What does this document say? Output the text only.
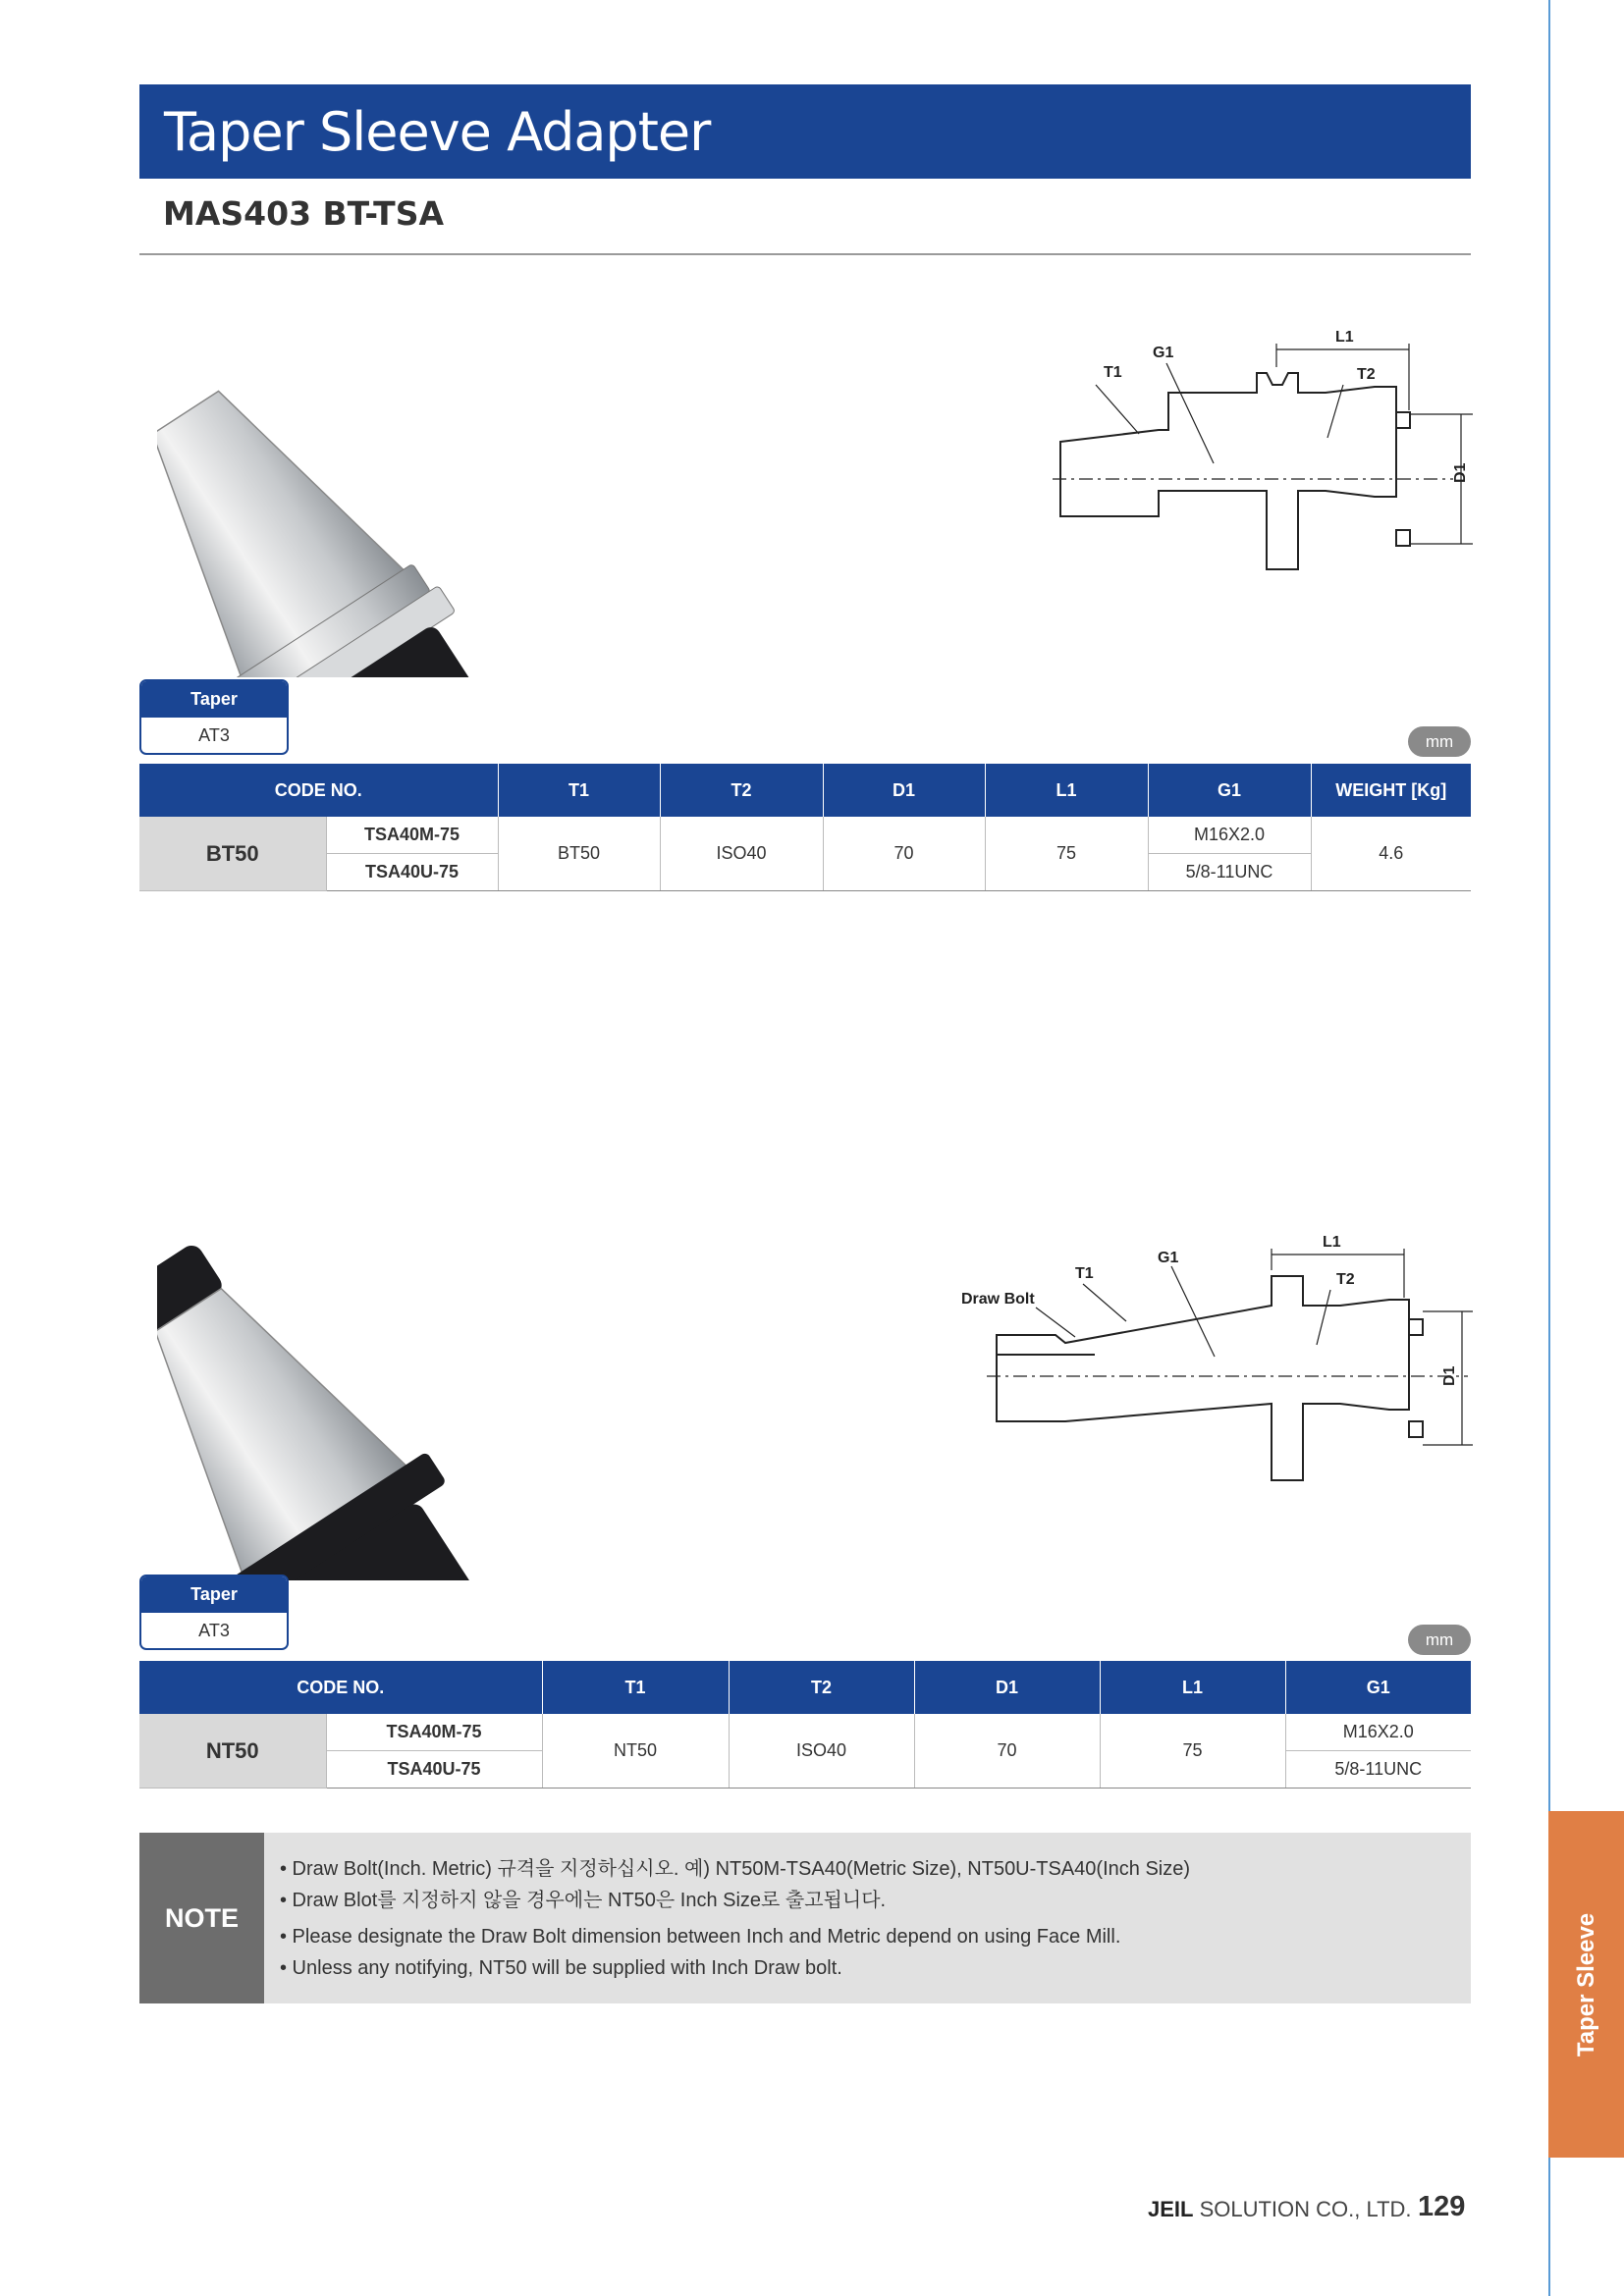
Taper Sleeve Adapter
MAS403 BT-TSA
Taper Sleeve
T1
G1
L1
T2
D1
Taper
AT3	mm
CODE NO.		T1	T2	D1	L1	G1	WEIGHT [Kg]
BT50	TSA40M-75	BT50	ISO40	70	75	M16X2.0	4.6
	TSA40U-75					5/8-11UNC	
Draw Bolt
T1
G1
L1
T2
D1
Taper
AT3	mm
CODE NO.		T1	T2	D1	L1	G1
NT50	TSA40M-75	NT50	ISO40	70	75	M16X2.0
	TSA40U-75					5/8-11UNC
NOTE
• Draw Bolt(Inch. Metric) 규격을 지정하십시오. 예) NT50M-TSA40(Metric Size), NT50U-TSA40(Inch Size)
• Draw Blot를 지정하지 않을 경우에는 NT50은 Inch Size로 출고됩니다.
• Please designate the Draw Bolt dimension between Inch and Metric depend on using Face Mill.
• Unless any notifying, NT50 will be supplied with Inch Draw bolt.
JEIL SOLUTION CO., LTD. 129
